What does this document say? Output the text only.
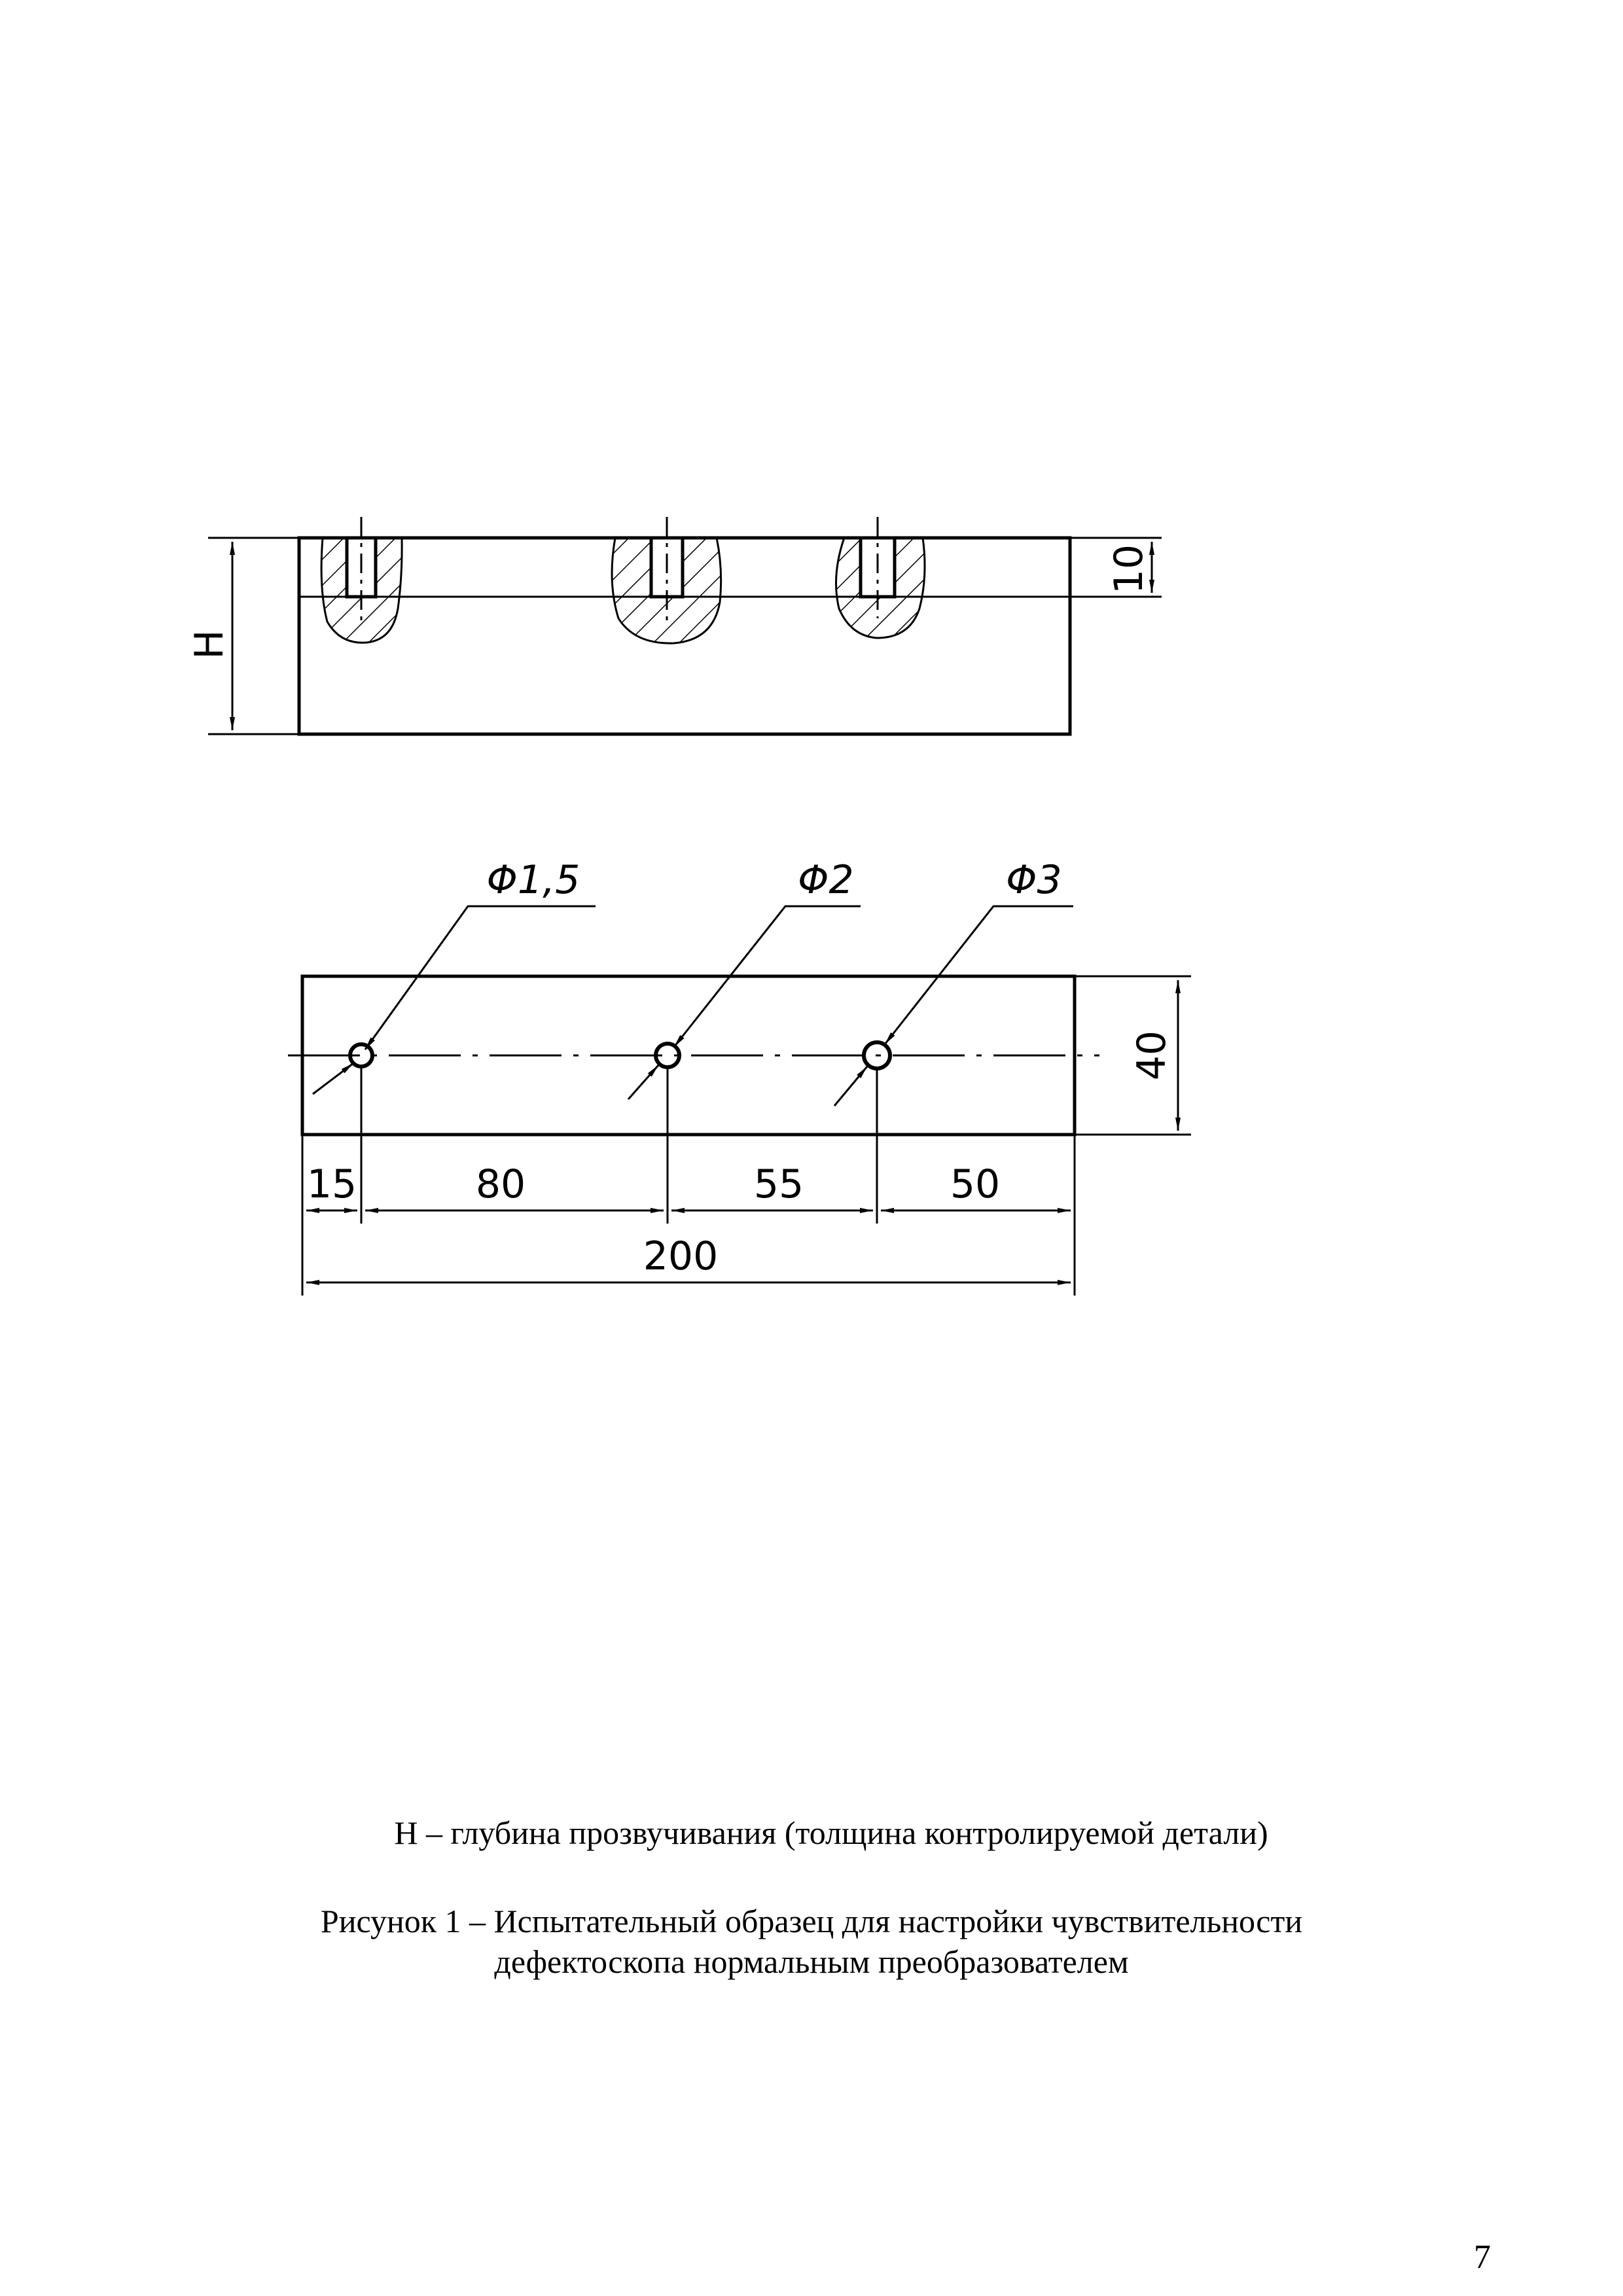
H
10
Φ1,5	Φ2	Φ3
40
15	80	55	50
200

H – глубина прозвучивания (толщина контролируемой детали)

Рисунок 1 – Испытательный образец для настройки чувствительности
дефектоскопа нормальным преобразователем
7
